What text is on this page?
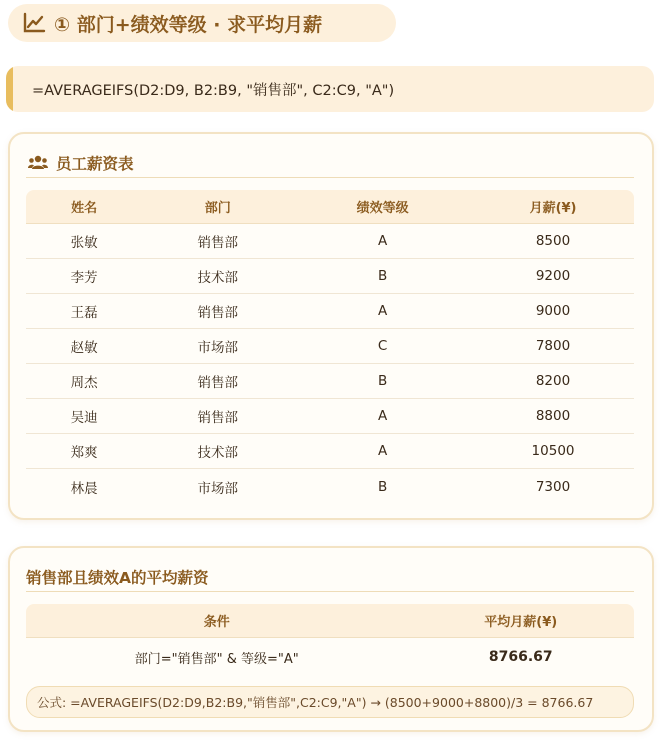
① 部门+绩效等级 · 求平均月薪
=AVERAGEIFS(D2:D9, B2:B9, "销售部", C2:C9, "A")
员工薪资表
姓名	部门	绩效等级	月薪(¥)
张敏	销售部	A	8500
李芳	技术部	B	9200
王磊	销售部	A	9000
赵敏	市场部	C	7800
周杰	销售部	B	8200
吴迪	销售部	A	8800
郑爽	技术部	A	10500
林晨	市场部	B	7300
销售部且绩效A的平均薪资
条件	平均月薪(¥)
部门="销售部" & 等级="A"	8766.67
公式: =AVERAGEIFS(D2:D9,B2:B9,"销售部",C2:C9,"A") → (8500+9000+8800)/3 = 8766.67
